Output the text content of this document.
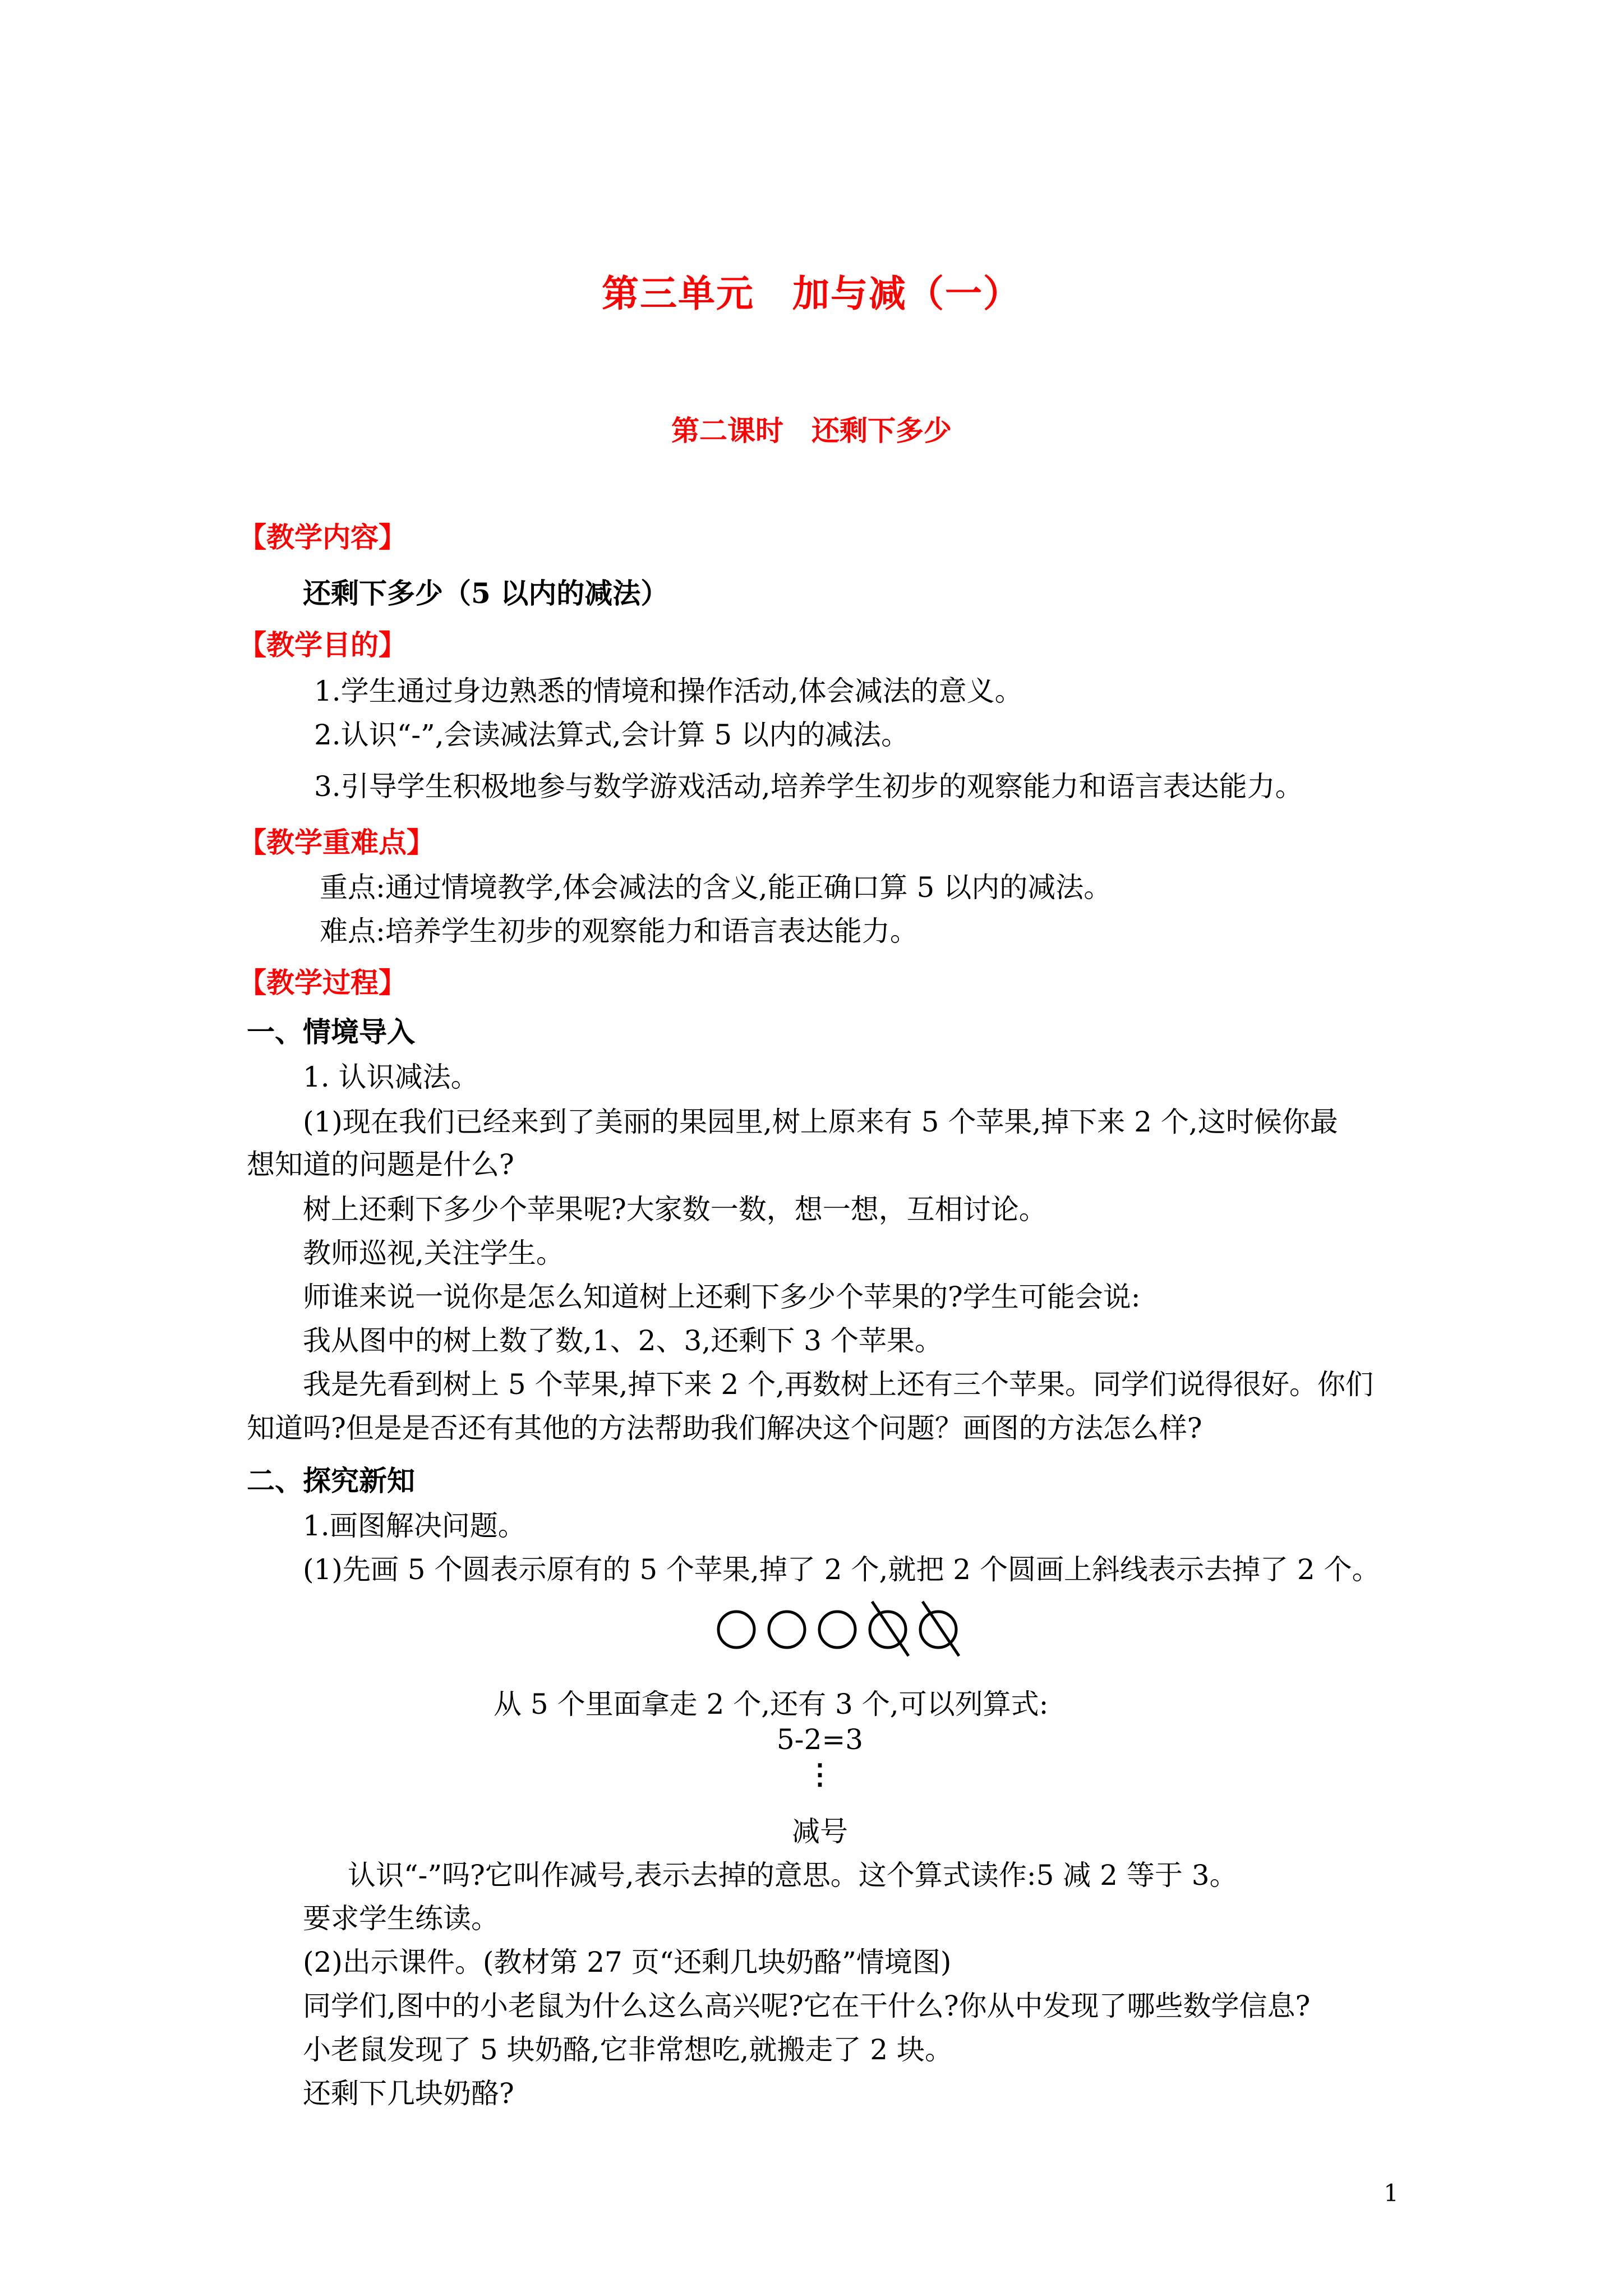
第三单元　加与减（一）
第二课时　还剩下多少
【教学内容】
还剩下多少（5 以内的减法）
【教学目的】
1.学生通过身边熟悉的情境和操作活动,体会减法的意义。
2.认识“-”,会读减法算式,会计算 5 以内的减法。
3.引导学生积极地参与数学游戏活动,培养学生初步的观察能力和语言表达能力。
【教学重难点】
重点:通过情境教学,体会减法的含义,能正确口算 5 以内的减法。
难点:培养学生初步的观察能力和语言表达能力。
【教学过程】
一、情境导入
1. 认识减法。
(1)现在我们已经来到了美丽的果园里,树上原来有 5 个苹果,掉下来 2 个,这时候你最
想知道的问题是什么?
树上还剩下多少个苹果呢?大家数一数，想一想，互相讨论。
教师巡视,关注学生。
师谁来说一说你是怎么知道树上还剩下多少个苹果的?学生可能会说:
我从图中的树上数了数,1、2、3,还剩下 3 个苹果。
我是先看到树上 5 个苹果,掉下来 2 个,再数树上还有三个苹果。同学们说得很好。你们
知道吗?但是是否还有其他的方法帮助我们解决这个问题？画图的方法怎么样?
二、探究新知
1.画图解决问题。
(1)先画 5 个圆表示原有的 5 个苹果,掉了 2 个,就把 2 个圆画上斜线表示去掉了 2 个。
从 5 个里面拿走 2 个,还有 3 个,可以列算式:
5-2=3
⋮
减号
认识“-”吗?它叫作减号,表示去掉的意思。这个算式读作:5 减 2 等于 3。
要求学生练读。
(2)出示课件。(教材第 27 页“还剩几块奶酪”情境图)
同学们,图中的小老鼠为什么这么高兴呢?它在干什么?你从中发现了哪些数学信息?
小老鼠发现了 5 块奶酪,它非常想吃,就搬走了 2 块。
还剩下几块奶酪?
1
